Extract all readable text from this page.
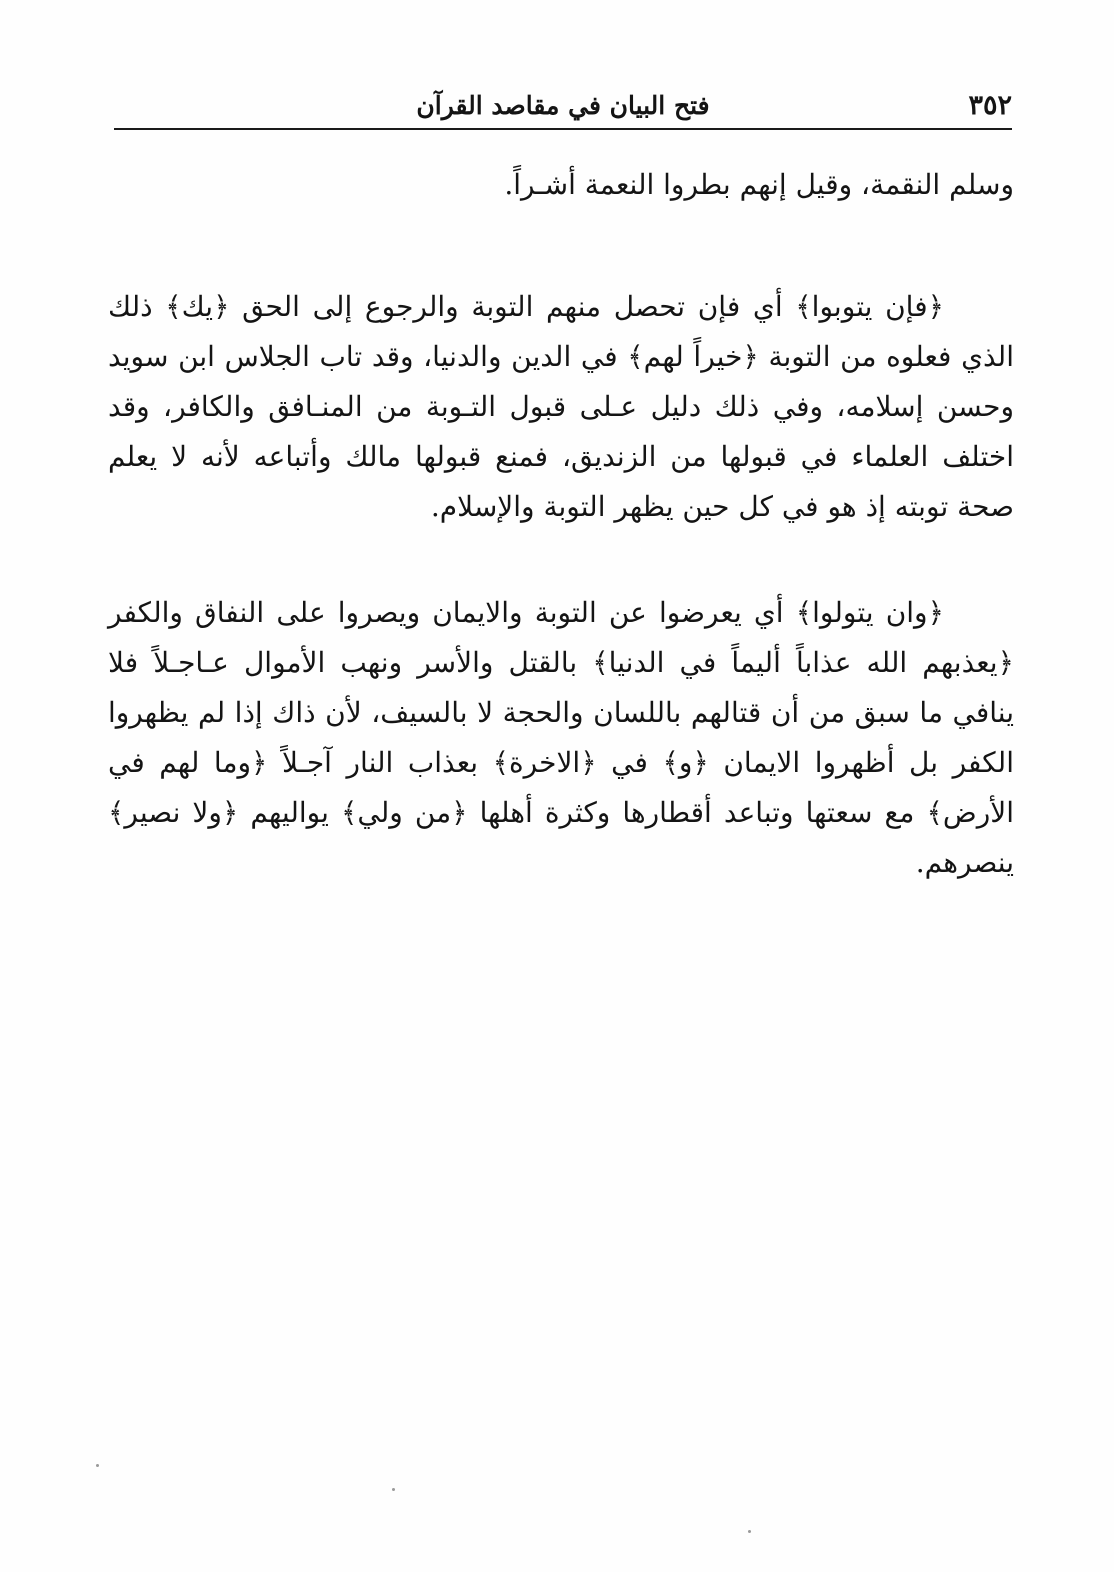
٣٥٢
فتح البيان في مقاصد القرآن

وسلم النقمة، وقيل إنهم بطروا النعمة أشـراً.

﴿فإن يتوبوا﴾ أي فإن تحصل منهم التوبة والرجوع إلى الحق ﴿يك﴾ ذلك الذي فعلوه من التوبة ﴿خيراً لهم﴾ في الدين والدنيا، وقد تاب الجلاس ابن سويد وحسن إسلامه، وفي ذلك دليل عـلى قبول التـوبة من المنـافق والكافر، وقد اختلف العلماء في قبولها من الزنديق، فمنع قبولها مالك وأتباعه لأنه لا يعلم صحة توبته إذ هو في كل حين يظهر التوبة والإسلام.

﴿وان يتولوا﴾ أي يعرضوا عن التوبة والايمان ويصروا على النفاق والكفر ﴿يعذبهم الله عذاباً أليماً في الدنيا﴾ بالقتل والأسر ونهب الأموال عـاجـلاً فلا ينافي ما سبق من أن قتالهم باللسان والحجة لا بالسيف، لأن ذاك إذا لم يظهروا الكفر بل أظهروا الايمان ﴿و﴾ في ﴿الاخرة﴾ بعذاب النار آجـلاً ﴿وما لهم في الأرض﴾ مع سعتها وتباعد أقطارها وكثرة أهلها ﴿من ولي﴾ يواليهم ﴿ولا نصير﴾ ينصرهم.
